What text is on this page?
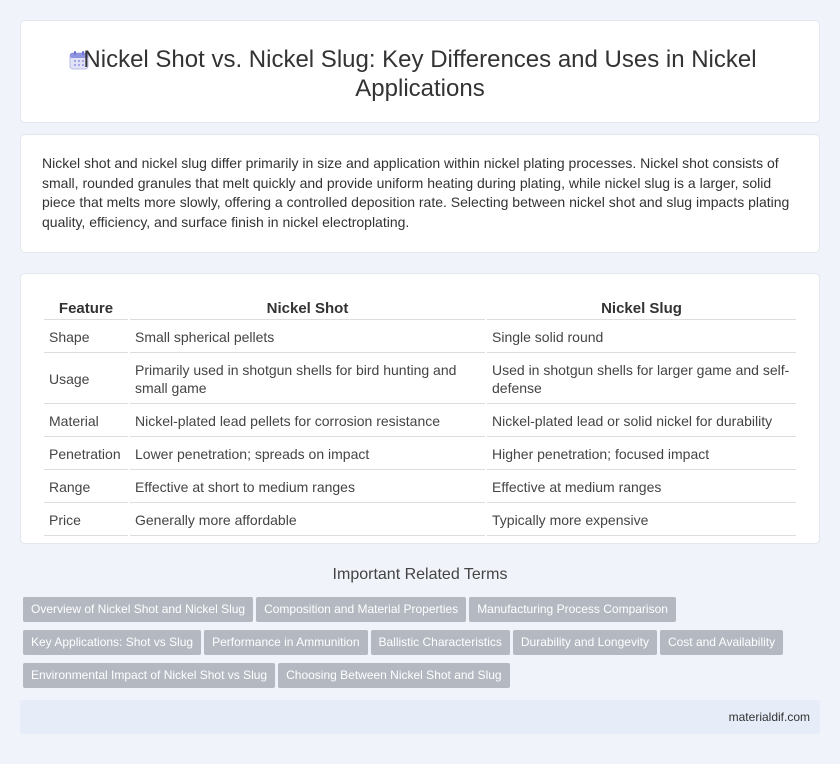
Nickel Shot vs. Nickel Slug: Key Differences and Uses in Nickel Applications

Nickel shot and nickel slug differ primarily in size and application within nickel plating processes. Nickel shot consists of small, rounded granules that melt quickly and provide uniform heating during plating, while nickel slug is a larger, solid piece that melts more slowly, offering a controlled deposition rate. Selecting between nickel shot and slug impacts plating quality, efficiency, and surface finish in nickel electroplating.

Feature	Nickel Shot	Nickel Slug
Shape	Small spherical pellets	Single solid round
Usage	Primarily used in shotgun shells for bird hunting and small game	Used in shotgun shells for larger game and self-defense
Material	Nickel-plated lead pellets for corrosion resistance	Nickel-plated lead or solid nickel for durability
Penetration	Lower penetration; spreads on impact	Higher penetration; focused impact
Range	Effective at short to medium ranges	Effective at medium ranges
Price	Generally more affordable	Typically more expensive
Important Related Terms
Overview of Nickel Shot and Nickel Slug Composition and Material Properties Manufacturing Process Comparison
Key Applications: Shot vs Slug Performance in Ammunition Ballistic Characteristics Durability and Longevity Cost and Availability
Environmental Impact of Nickel Shot vs Slug Choosing Between Nickel Shot and Slug
materialdif.com
